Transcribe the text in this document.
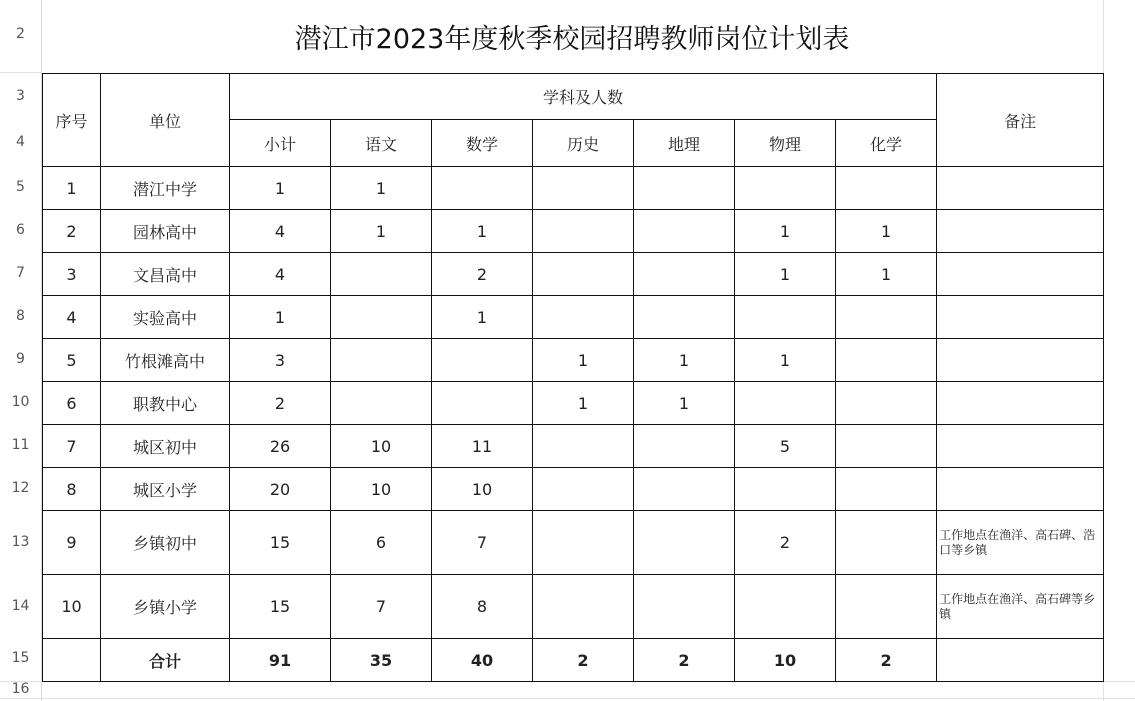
2
3
4
5
6
7
8
9
10
11
12
13
14
15
16
潜江市2023年度秋季校园招聘教师岗位计划表
序号	单位	学科及人数							备注
		小计	语文	数学	历史	地理	物理	化学	
1	潜江中学	1	1						
2	园林高中	4	1	1			1	1	
3	文昌高中	4		2			1	1	
4	实验高中	1		1					
5	竹根滩高中	3			1	1	1		
6	职教中心	2			1	1			
7	城区初中	26	10	11			5		
8	城区小学	20	10	10					
9	乡镇初中	15	6	7			2		工作地点在渔洋、高石碑、浩口等乡镇
10	乡镇小学	15	7	8					工作地点在渔洋、高石碑等乡镇
	合计	91	35	40	2	2	10	2	
